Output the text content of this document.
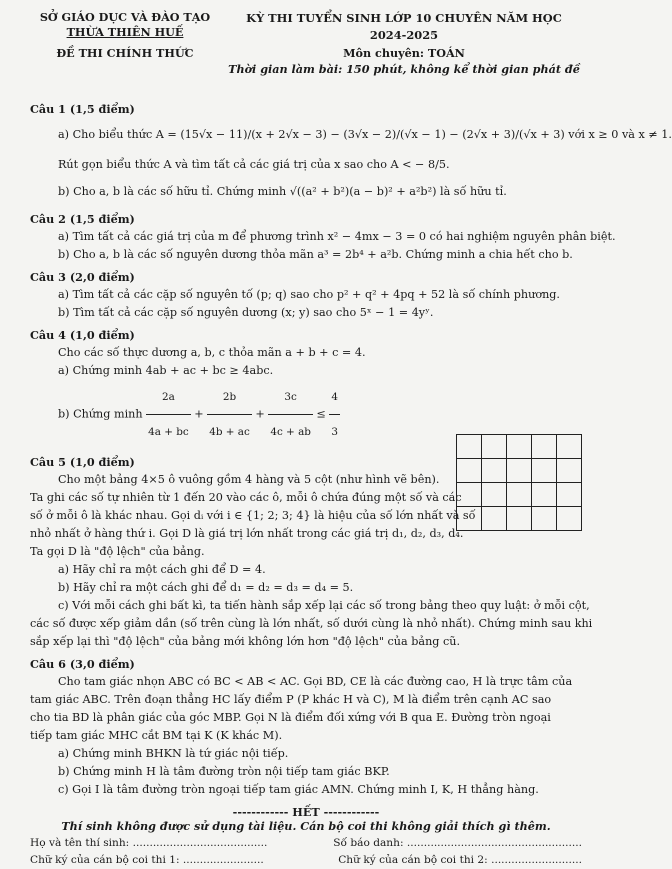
SỞ GIÁO DỤC VÀ ĐÀO TẠO
THỪA THIÊN HUẾ
ĐỀ THI CHÍNH THỨC
KỲ THI TUYỂN SINH LỚP 10 CHUYÊN NĂM HỌC 2024-2025
Môn chuyên: TOÁN
Thời gian làm bài: 150 phút, không kể thời gian phát đề
Câu 1 (1,5 điểm)
a) Cho biểu thức A = (15√x − 11)/(x + 2√x − 3) − (3√x − 2)/(√x − 1) − (2√x + 3)/(√x + 3) với x ≥ 0 và x ≠ 1.
Rút gọn biểu thức A và tìm tất cả các giá trị của x sao cho A < − 8/5.
b) Cho a, b là các số hữu tỉ. Chứng minh √((a² + b²)(a − b)² + a²b²) là số hữu tỉ.
Câu 2 (1,5 điểm)
a) Tìm tất cả các giá trị của m để phương trình x² − 4mx − 3 = 0 có hai nghiệm nguyên phân biệt.
b) Cho a, b là các số nguyên dương thỏa mãn a³ = 2b⁴ + a²b. Chứng minh a chia hết cho b.
Câu 3 (2,0 điểm)
a) Tìm tất cả các cặp số nguyên tố (p; q) sao cho p² + q² + 4pq + 52 là số chính phương.
b) Tìm tất cả các cặp số nguyên dương (x; y) sao cho 5ˣ − 1 = 4yʸ.
Câu 4 (1,0 điểm)
Cho các số thực dương a, b, c thỏa mãn a + b + c = 4.
a) Chứng minh 4ab + ac + bc ≥ 4abc.
b) Chứng minh $\frac{2a}{4a + bc} + \frac{2b}{4b + ac} + \frac{3c}{4c + ab} \le \frac{4}{3}$
Câu 5 (1,0 điểm)
Cho một bảng 4×5 ô vuông gồm 4 hàng và 5 cột (như hình vẽ bên).
Ta ghi các số tự nhiên từ 1 đến 20 vào các ô, mỗi ô chứa đúng một số và các
số ở mỗi ô là khác nhau. Gọi dᵢ với i ∈ {1; 2; 3; 4} là hiệu của số lớn nhất và số
nhỏ nhất ở hàng thứ i. Gọi D là giá trị lớn nhất trong các giá trị d₁, d₂, d₃, d₄.
Ta gọi D là "độ lệch" của bảng.
a) Hãy chỉ ra một cách ghi để D = 4.
b) Hãy chỉ ra một cách ghi để d₁ = d₂ = d₃ = d₄ = 5.
c) Với mỗi cách ghi bất kì, ta tiến hành sắp xếp lại các số trong bảng theo quy luật: ở mỗi cột,
các số được xếp giảm dần (số trên cùng là lớn nhất, số dưới cùng là nhỏ nhất). Chứng minh sau khi
sắp xếp lại thì "độ lệch" của bảng mới không lớn hơn "độ lệch" của bảng cũ.
Câu 6 (3,0 điểm)
Cho tam giác nhọn ABC có BC < AB < AC. Gọi BD, CE là các đường cao, H là trực tâm của
tam giác ABC. Trên đoạn thẳng HC lấy điểm P (P khác H và C), M là điểm trên cạnh AC sao
cho tia BD là phân giác của góc MBP. Gọi N là điểm đối xứng với B qua E. Đường tròn ngoại
tiếp tam giác MHC cắt BM tại K (K khác M).
a) Chứng minh BHKN là tứ giác nội tiếp.
b) Chứng minh H là tâm đường tròn nội tiếp tam giác BKP.
c) Gọi I là tâm đường tròn ngoại tiếp tam giác AMN. Chứng minh I, K, H thẳng hàng.
------------ HẾT ------------
Thí sinh không được sử dụng tài liệu. Cán bộ coi thi không giải thích gì thêm.
Họ và tên thí sinh: ........................................	Số báo danh: ....................................................
Chữ ký của cán bộ coi thi 1: ........................	Chữ ký của cán bộ coi thi 2: ...........................
